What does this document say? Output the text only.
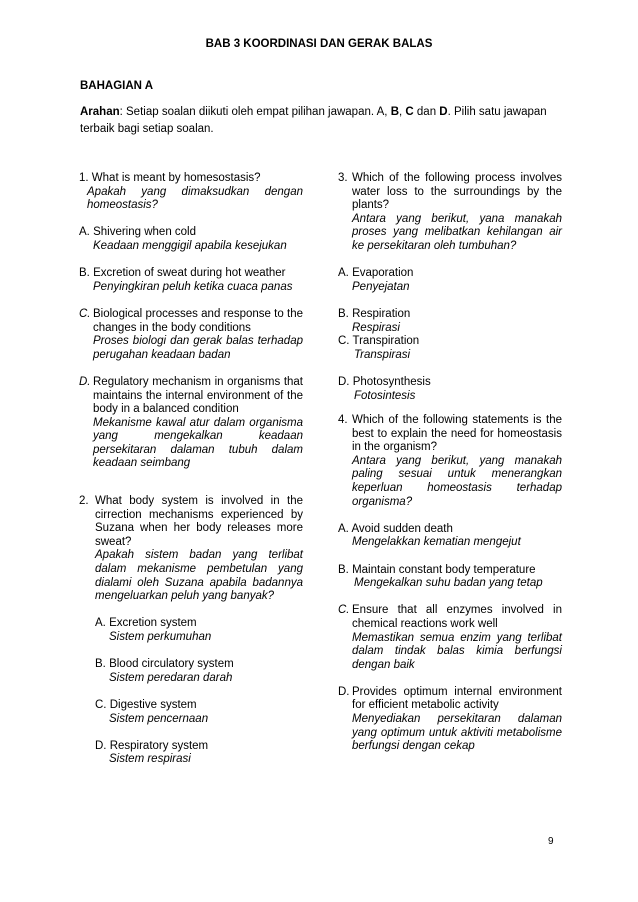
BAB 3 KOORDINASI DAN GERAK BALAS
BAHAGIAN A
Arahan: Setiap soalan diikuti oleh empat pilihan jawapan. A, B, C dan D. Pilih satu jawapan terbaik bagi setiap soalan.

1. What is meant by homesostasis?

Apakah yang dimaksudkan dengan homeostasis?

A. Shivering when cold

Keadaan menggigil apabila kesejukan

B. Excretion of sweat during hot weather

Penyingkiran peluh ketika cuaca panas

C. Biological processes and response to the changes in the body conditions
Proses biologi dan gerak balas terhadap perugahan keadaan badan
D. Regulatory mechanism in organisms that maintains the internal environment of the body in a balanced condition
Mekanisme kawal atur dalam organisma yang mengekalkan keadaan persekitaran dalaman tubuh dalam keadaan seimbang
2. What body system is involved in the cirrection mechanisms experienced by Suzana when her body releases more sweat?
Apakah sistem badan yang terlibat dalam mekanisme pembetulan yang dialami oleh Suzana apabila badannya mengeluarkan peluh yang banyak?

A. Excretion system

Sistem perkumuhan

B. Blood circulatory system

Sistem peredaran darah

C. Digestive system

Sistem pencernaan

D. Respiratory system

Sistem respirasi

3. Which of the following process involves water loss to the surroundings by the plants?
Antara yang berikut, yana manakah proses yang melibatkan kehilangan air ke persekitaran oleh tumbuhan?

A. Evaporation

Penyejatan

B. Respiration

Respirasi

C. Transpiration

Transpirasi

D. Photosynthesis

Fotosintesis

4. Which of the following statements is the best to explain the need for homeostasis in the organism?
Antara yang berikut, yang manakah paling sesuai untuk menerangkan keperluan homeostasis terhadap organisma?

A. Avoid sudden death

Mengelakkan kematian mengejut

B. Maintain constant body temperature

Mengekalkan suhu badan yang tetap

C. Ensure that all enzymes involved in chemical reactions work well
Memastikan semua enzim yang terlibat dalam tindak balas kimia berfungsi dengan baik
D. Provides optimum internal environment for efficient metabolic activity
Menyediakan persekitaran dalaman yang optimum untuk aktiviti metabolisme berfungsi dengan cekap
9
